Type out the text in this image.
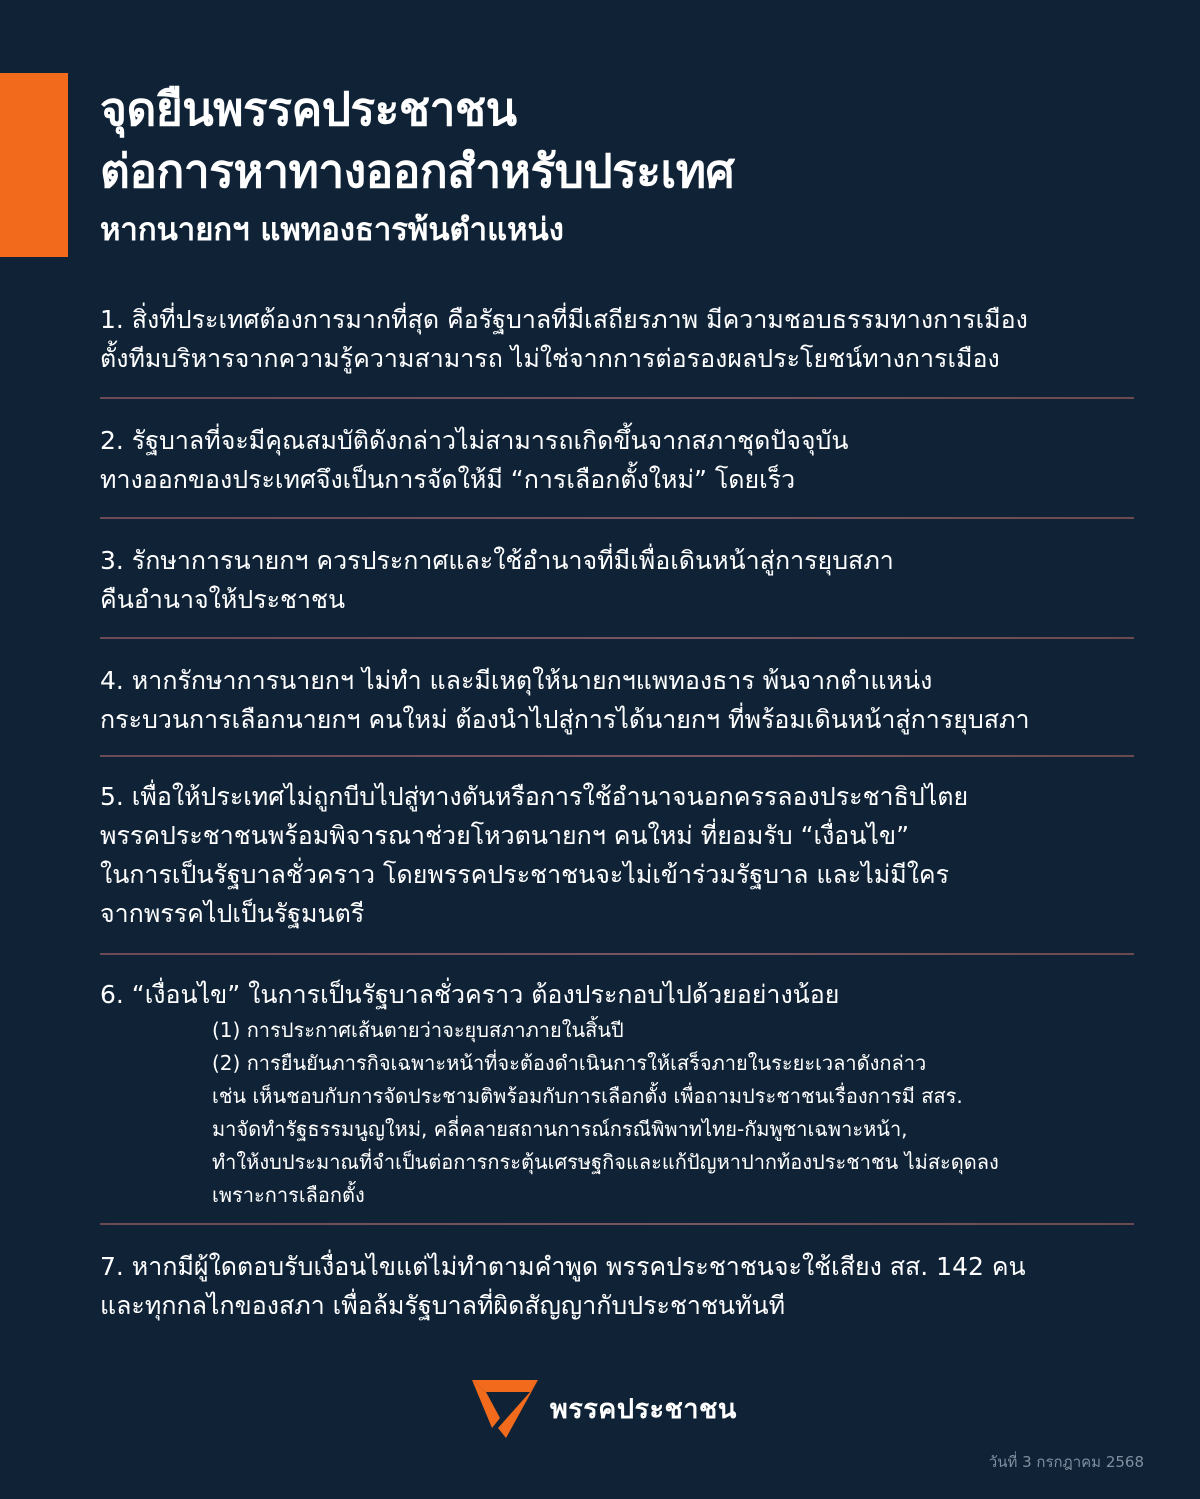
จุดยืนพรรคประชาชน
ต่อการหาทางออกสำหรับประเทศ
หากนายกฯ แพทองธารพ้นตำแหน่ง
1. สิ่งที่ประเทศต้องการมากที่สุด คือรัฐบาลที่มีเสถียรภาพ มีความชอบธรรมทางการเมือง
ตั้งทีมบริหารจากความรู้ความสามารถ ไม่ใช่จากการต่อรองผลประโยชน์ทางการเมือง
2. รัฐบาลที่จะมีคุณสมบัติดังกล่าวไม่สามารถเกิดขึ้นจากสภาชุดปัจจุบัน
ทางออกของประเทศจึงเป็นการจัดให้มี “การเลือกตั้งใหม่” โดยเร็ว
3. รักษาการนายกฯ ควรประกาศและใช้อำนาจที่มีเพื่อเดินหน้าสู่การยุบสภา
คืนอำนาจให้ประชาชน
4. หากรักษาการนายกฯ ไม่ทำ และมีเหตุให้นายกฯแพทองธาร พ้นจากตำแหน่ง
กระบวนการเลือกนายกฯ คนใหม่ ต้องนำไปสู่การได้นายกฯ ที่พร้อมเดินหน้าสู่การยุบสภา
5. เพื่อให้ประเทศไม่ถูกบีบไปสู่ทางตันหรือการใช้อำนาจนอกครรลองประชาธิปไตย
พรรคประชาชนพร้อมพิจารณาช่วยโหวตนายกฯ คนใหม่ ที่ยอมรับ “เงื่อนไข”
ในการเป็นรัฐบาลชั่วคราว โดยพรรคประชาชนจะไม่เข้าร่วมรัฐบาล และไม่มีใคร
จากพรรคไปเป็นรัฐมนตรี
6. “เงื่อนไข” ในการเป็นรัฐบาลชั่วคราว ต้องประกอบไปด้วยอย่างน้อย
(1) การประกาศเส้นตายว่าจะยุบสภาภายในสิ้นปี
(2) การยืนยันภารกิจเฉพาะหน้าที่จะต้องดำเนินการให้เสร็จภายในระยะเวลาดังกล่าว
เช่น เห็นชอบกับการจัดประชามติพร้อมกับการเลือกตั้ง เพื่อถามประชาชนเรื่องการมี สสร.
มาจัดทำรัฐธรรมนูญใหม่, คลี่คลายสถานการณ์กรณีพิพาทไทย-กัมพูชาเฉพาะหน้า,
ทำให้งบประมาณที่จำเป็นต่อการกระตุ้นเศรษฐกิจและแก้ปัญหาปากท้องประชาชน ไม่สะดุดลง
เพราะการเลือกตั้ง
7. หากมีผู้ใดตอบรับเงื่อนไขแต่ไม่ทำตามคำพูด พรรคประชาชนจะใช้เสียง สส. 142 คน
และทุกกลไกของสภา เพื่อล้มรัฐบาลที่ผิดสัญญากับประชาชนทันที
พรรคประชาชน
วันที่ 3 กรกฎาคม 2568
